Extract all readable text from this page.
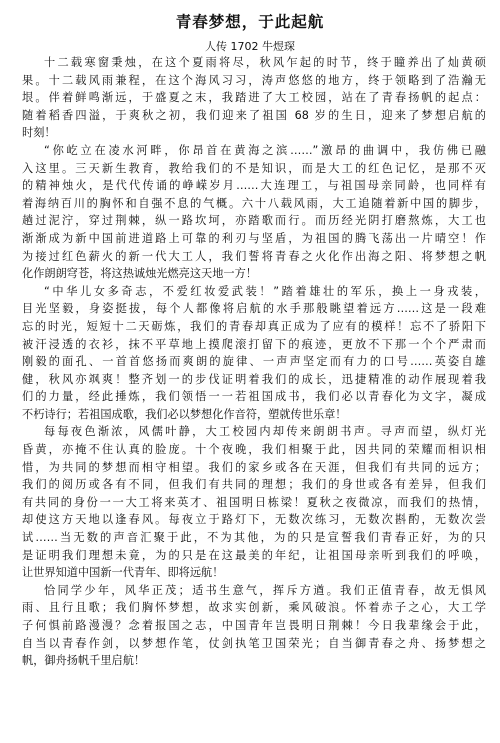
青春梦想，于此起航
人传 1702 牛煜琛
十二载寒窗秉烛，在这个夏雨将尽，秋风乍起的时节，终于瞳养出了灿黄硕
果。十二载风雨兼程，在这个海风习习，涛声悠悠的地方，终于领略到了浩瀚无
垠。伴着鲜鸣渐远，于盛夏之末，我踏进了大工校园，站在了青春扬帆的起点：
随着稻香四溢，于爽秋之初，我们迎来了祖国 68 岁的生日，迎来了梦想启航的
时刻！
“你屹立在凌水河畔，你昂首在黄海之滨……”激昂的曲调中，我仿佛已融
入这里。三天新生教育，教给我们的不是知识，而是大工的红色记忆，是那不灭
的精神烛火，是代代传诵的峥嵘岁月……大连理工，与祖国母亲同龄，也同样有
着海纳百川的胸怀和自强不息的气概。六十八载风雨，大工追随着新中国的脚步，
趟过泥泞，穿过荆棘，纵一路坎坷，亦踏歌而行。而历经光阴打磨熬炼，大工也
渐渐成为新中国前进道路上可靠的利刃与坚盾，为祖国的腾飞荡出一片晴空！作
为接过红色薪火的新一代大工人，我们誓将青春之火化作出海之阳、将梦想之帆
化作朗朗穹苍，将这热诚烛光燃亮这天地一方！
“中华儿女多奇志，不爱红妆爱武装！”踏着雄壮的军乐，换上一身戎装，
目光坚毅，身姿挺拔，每个人都像将启航的水手那般眺望着远方……这是一段难
忘的时光，短短十二天砺炼，我们的青春却真正成为了应有的模样！忘不了骄阳下
被汗浸透的衣衫，抹不平草地上摸爬滚打留下的痕迹，更放不下那一个个严肃而
刚毅的面孔、一首首悠扬而爽朗的旋律、一声声坚定而有力的口号……英姿自雄
健，秋风亦飒爽！整齐划一的步伐证明着我们的成长，迅捷精准的动作展现着我
们的力量，经此捶炼，我们领悟一一若祖国成书，我们必以青春化为文字，凝成
不朽诗行；若祖国成歌，我们必以梦想化作音符，塑就传世乐章！
每每夜色渐浓，风儒叶静，大工校园内却传来朗朗书声。寻声而望，纵灯光
昏黄，亦掩不住认真的脸庞。十个夜晚，我们相聚于此，因共同的荣耀而相识相
惜，为共同的梦想而相守相望。我们的家乡或各在天涯，但我们有共同的远方；
我们的阅历或各有不同，但我们有共同的理想；我们的身世或各有差异，但我们
有共同的身份一一大工将来英才、祖国明日栋梁！夏秋之夜微凉，而我们的热情，
却使这方天地以逢春风。每夜立于路灯下，无数次练习，无数次斟酌，无数次尝
试……当无数的声音汇聚于此，不为其他，为的只是宣誓我们青春正好，为的只
是证明我们理想未竟，为的只是在这最美的年纪，让祖国母亲听到我们的呼唤，
让世界知道中国新一代青年、即将远航！
恰同学少年，风华正茂；适书生意气，挥斥方遒。我们正值青春，故无惧风
雨、且行且歌；我们胸怀梦想，故求实创新，乘风破浪。怀着赤子之心，大工学
子何惧前路漫漫？念着报国之志，中国青年岂畏明日荆棘！今日我辈缘会于此，
自当以青春作剑，以梦想作笔，仗剑执笔卫国荣光；自当御青春之舟、扬梦想之
帆，御舟扬帆千里启航！
